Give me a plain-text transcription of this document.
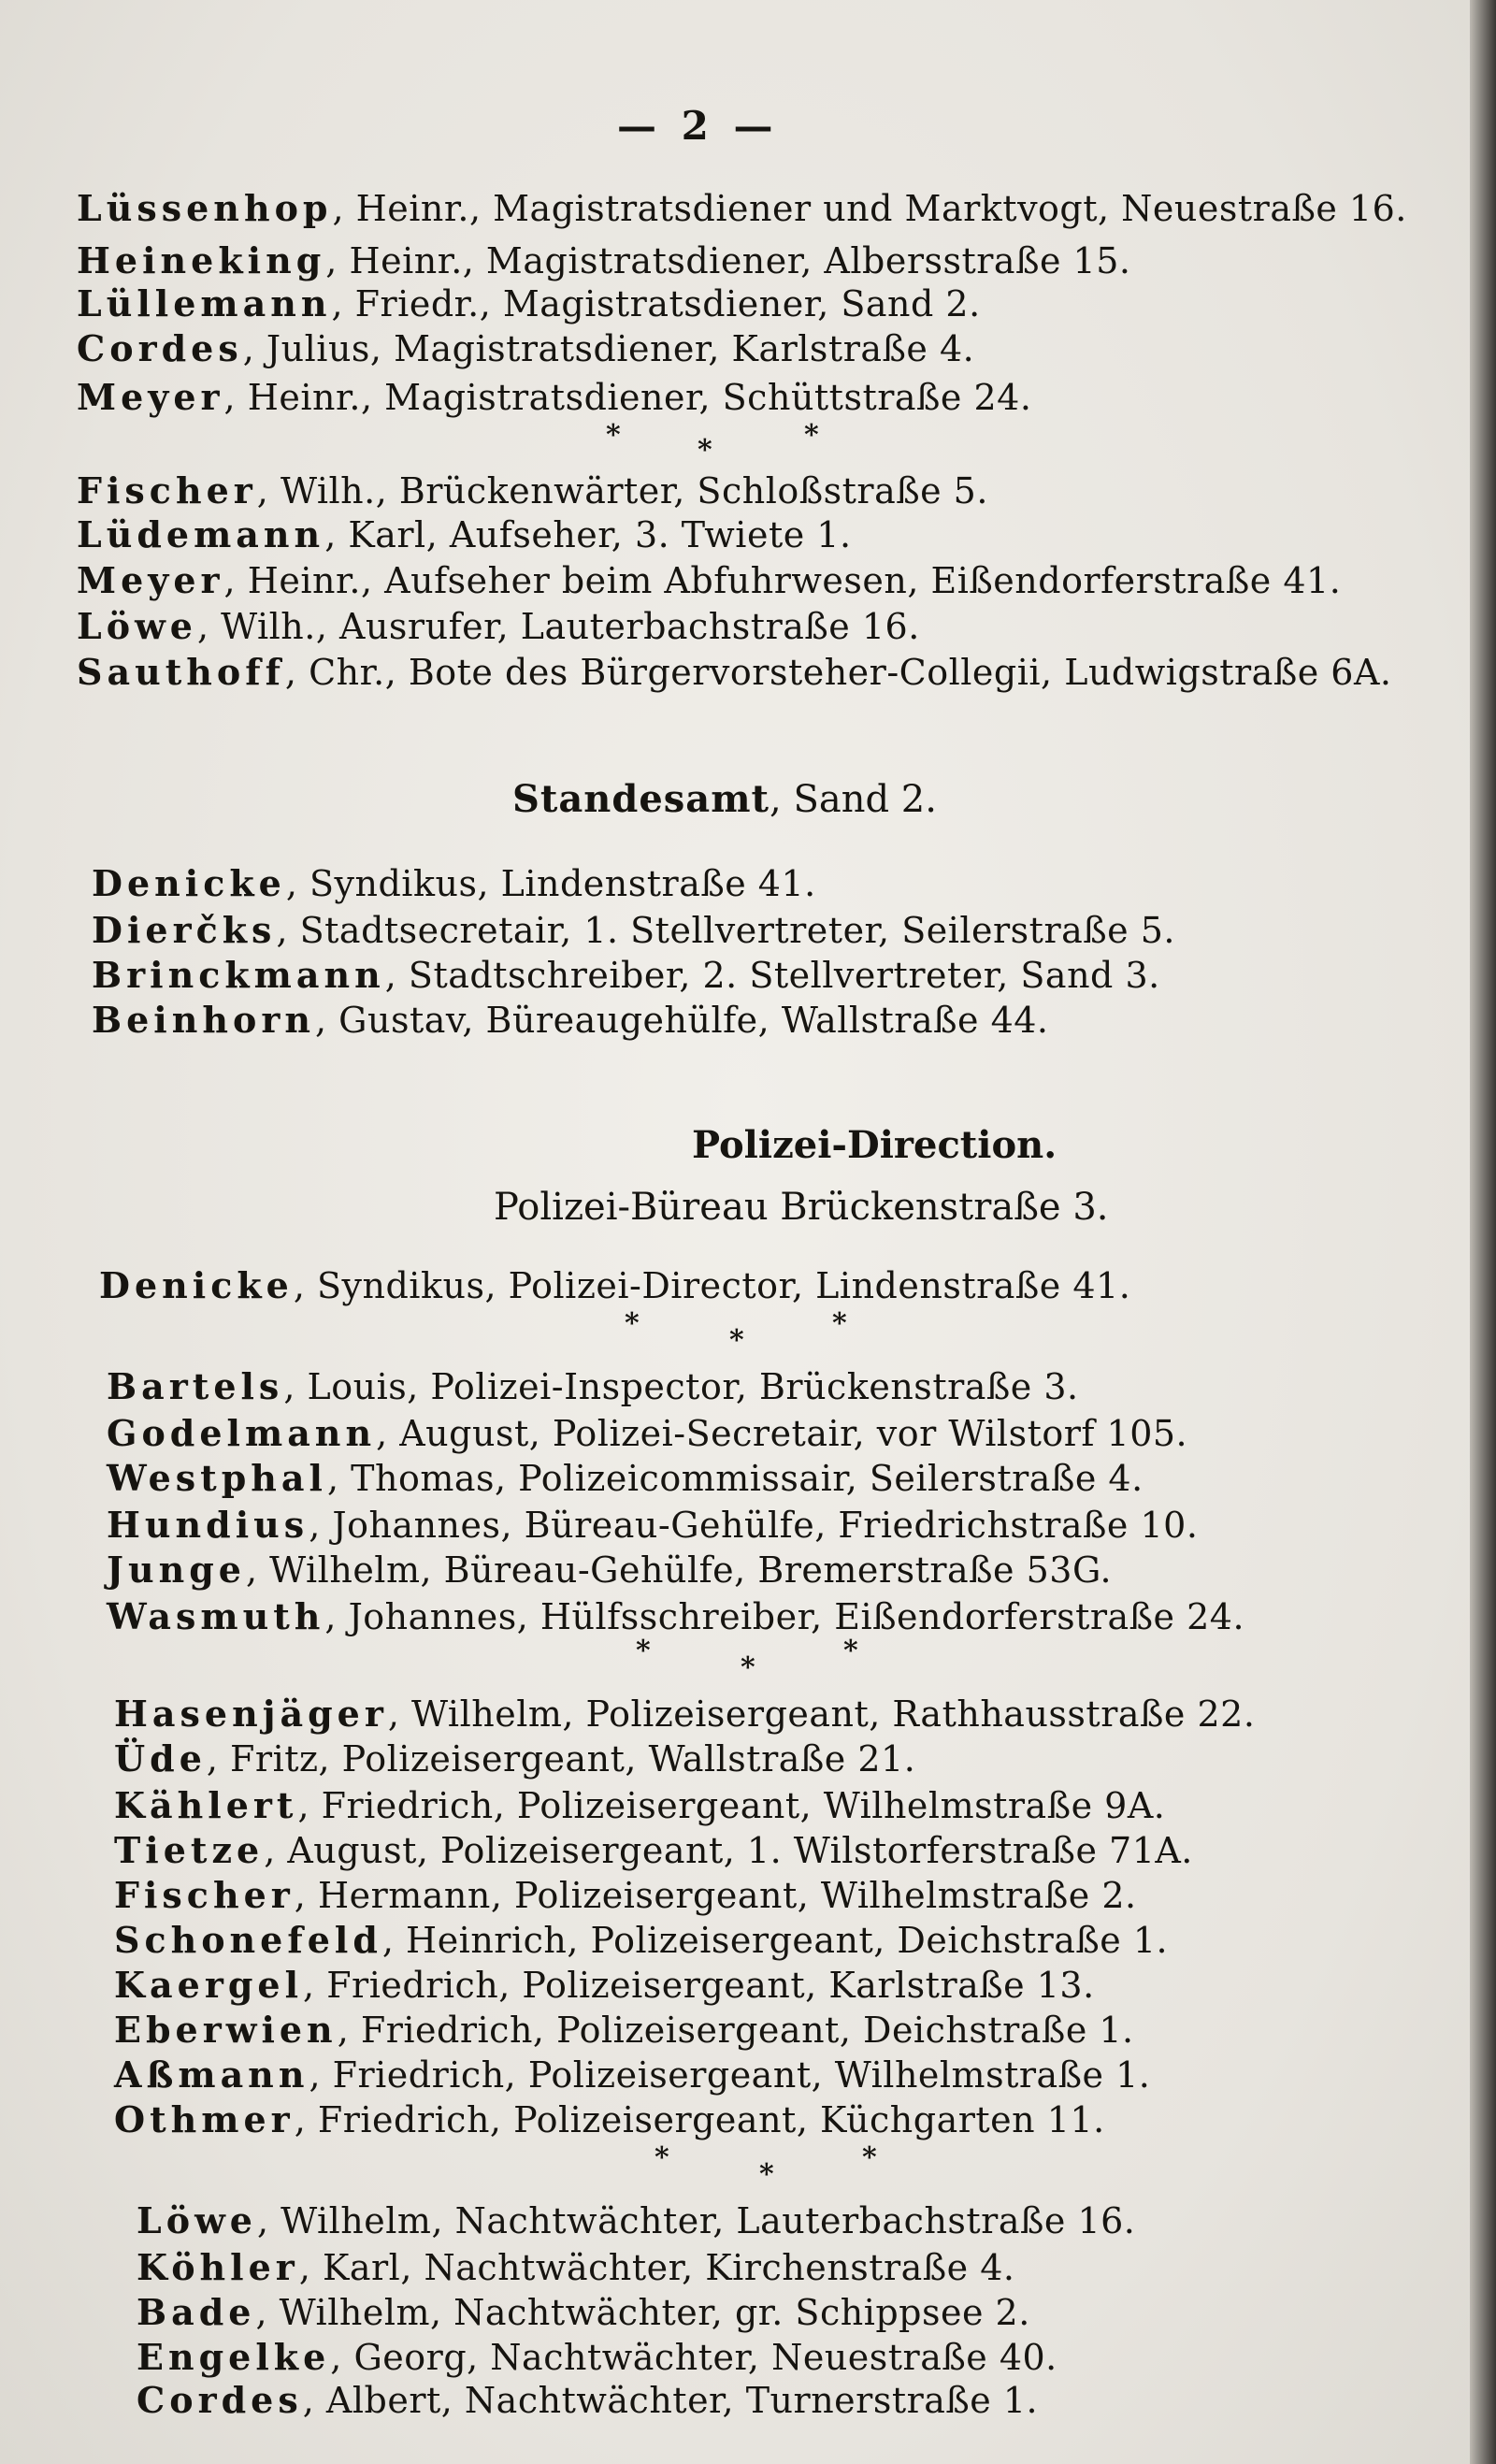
— 2 —
Lüssenhop, Heinr., Magistratsdiener und Marktvogt, Neuestraße 16.
Heineking, Heinr., Magistratsdiener, Albersstraße 15.
Lüllemann, Friedr., Magistratsdiener, Sand 2.
Cordes, Julius, Magistratsdiener, Karlstraße 4.
Meyer, Heinr., Magistratsdiener, Schüttstraße 24.
*	*	*
Fischer, Wilh., Brückenwärter, Schloßstraße 5.
Lüdemann, Karl, Aufseher, 3. Twiete 1.
Meyer, Heinr., Aufseher beim Abfuhrwesen, Eißendorferstraße 41.
Löwe, Wilh., Ausrufer, Lauterbachstraße 16.
Sauthoff, Chr., Bote des Bürgervorsteher-Collegii, Ludwigstraße 6A.
Standesamt, Sand 2.
Denicke, Syndikus, Lindenstraße 41.
Dierčks, Stadtsecretair, 1. Stellvertreter, Seilerstraße 5.
Brinckmann, Stadtschreiber, 2. Stellvertreter, Sand 3.
Beinhorn, Gustav, Büreaugehülfe, Wallstraße 44.
Polizei-Direction.
Polizei-Büreau Brückenstraße 3.
Denicke, Syndikus, Polizei-Director, Lindenstraße 41.
*
*
*
Bartels, Louis, Polizei-Inspector, Brückenstraße 3.
Godelmann, August, Polizei-Secretair, vor Wilstorf 105.
Westphal, Thomas, Polizeicommissair, Seilerstraße 4.
Hundius, Johannes, Büreau-Gehülfe, Friedrichstraße 10.
Junge, Wilhelm, Büreau-Gehülfe, Bremerstraße 53G.
Wasmuth, Johannes, Hülfsschreiber, Eißendorferstraße 24.
*
*
*
Hasenjäger, Wilhelm, Polizeisergeant, Rathhausstraße 22.
Üde, Fritz, Polizeisergeant, Wallstraße 21.
Kählert, Friedrich, Polizeisergeant, Wilhelmstraße 9A.
Tietze, August, Polizeisergeant, 1. Wilstorferstraße 71A.
Fischer, Hermann, Polizeisergeant, Wilhelmstraße 2.
Schonefeld, Heinrich, Polizeisergeant, Deichstraße 1.
Kaergel, Friedrich, Polizeisergeant, Karlstraße 13.
Eberwien, Friedrich, Polizeisergeant, Deichstraße 1.
Aßmann, Friedrich, Polizeisergeant, Wilhelmstraße 1.
Othmer, Friedrich, Polizeisergeant, Küchgarten 11.
*
*
*
Löwe, Wilhelm, Nachtwächter, Lauterbachstraße 16.
Köhler, Karl, Nachtwächter, Kirchenstraße 4.
Bade, Wilhelm, Nachtwächter, gr. Schippsee 2.
Engelke, Georg, Nachtwächter, Neuestraße 40.
Cordes, Albert, Nachtwächter, Turnerstraße 1.
